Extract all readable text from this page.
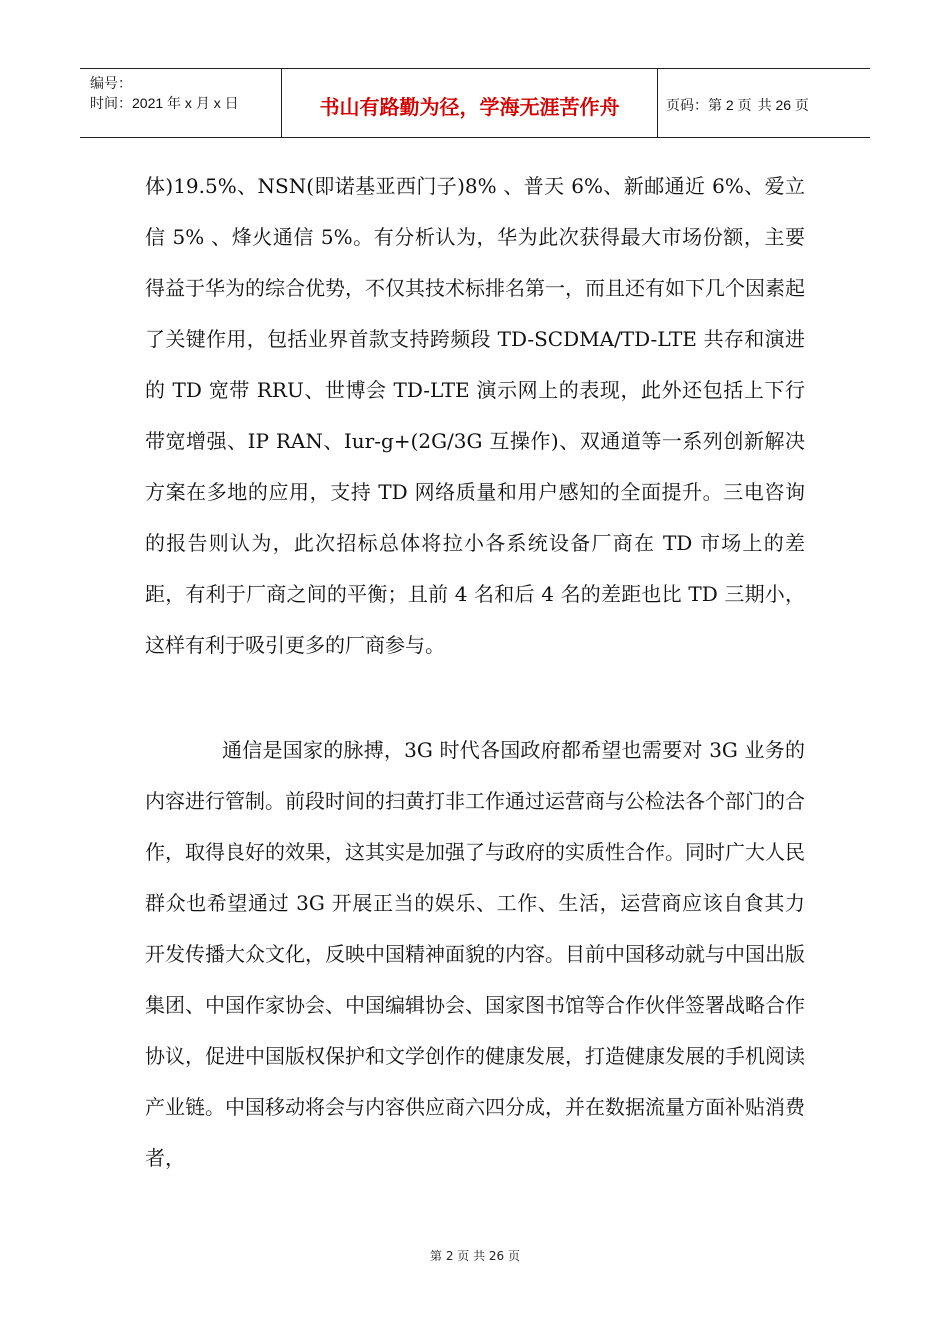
编号：
时间：2021 年 x 月 x 日	书山有路勤为径，学海无涯苦作舟	页码：第 2 页 共 26 页

体)19.5%、NSN(即诺基亚西门子)8% 、普天 6%、新邮通近 6%、爱立信 5% 、烽火通信 5%。有分析认为，华为此次获得最大市场份额，主要得益于华为的综合优势，不仅其技术标排名第一，而且还有如下几个因素起了关键作用，包括业界首款支持跨频段 TD-SCDMA/TD-LTE 共存和演进的 TD 宽带 RRU、世博会 TD-LTE 演示网上的表现，此外还包括上下行带宽增强、IP RAN、Iur-g+(2G/3G 互操作)、双通道等一系列创新解决方案在多地的应用，支持 TD 网络质量和用户感知的全面提升。三电咨询的报告则认为，此次招标总体将拉小各系统设备厂商在 TD 市场上的差距，有利于厂商之间的平衡；且前 4 名和后 4 名的差距也比 TD 三期小，这样有利于吸引更多的厂商参与。

通信是国家的脉搏，3G 时代各国政府都希望也需要对 3G 业务的内容进行管制。前段时间的扫黄打非工作通过运营商与公检法各个部门的合作，取得良好的效果，这其实是加强了与政府的实质性合作。同时广大人民群众也希望通过 3G 开展正当的娱乐、工作、生活，运营商应该自食其力开发传播大众文化，反映中国精神面貌的内容。目前中国移动就与中国出版集团、中国作家协会、中国编辑协会、国家图书馆等合作伙伴签署战略合作协议，促进中国版权保护和文学创作的健康发展，打造健康发展的手机阅读产业链。中国移动将会与内容供应商六四分成，并在数据流量方面补贴消费者，

第 2 页 共 26 页
